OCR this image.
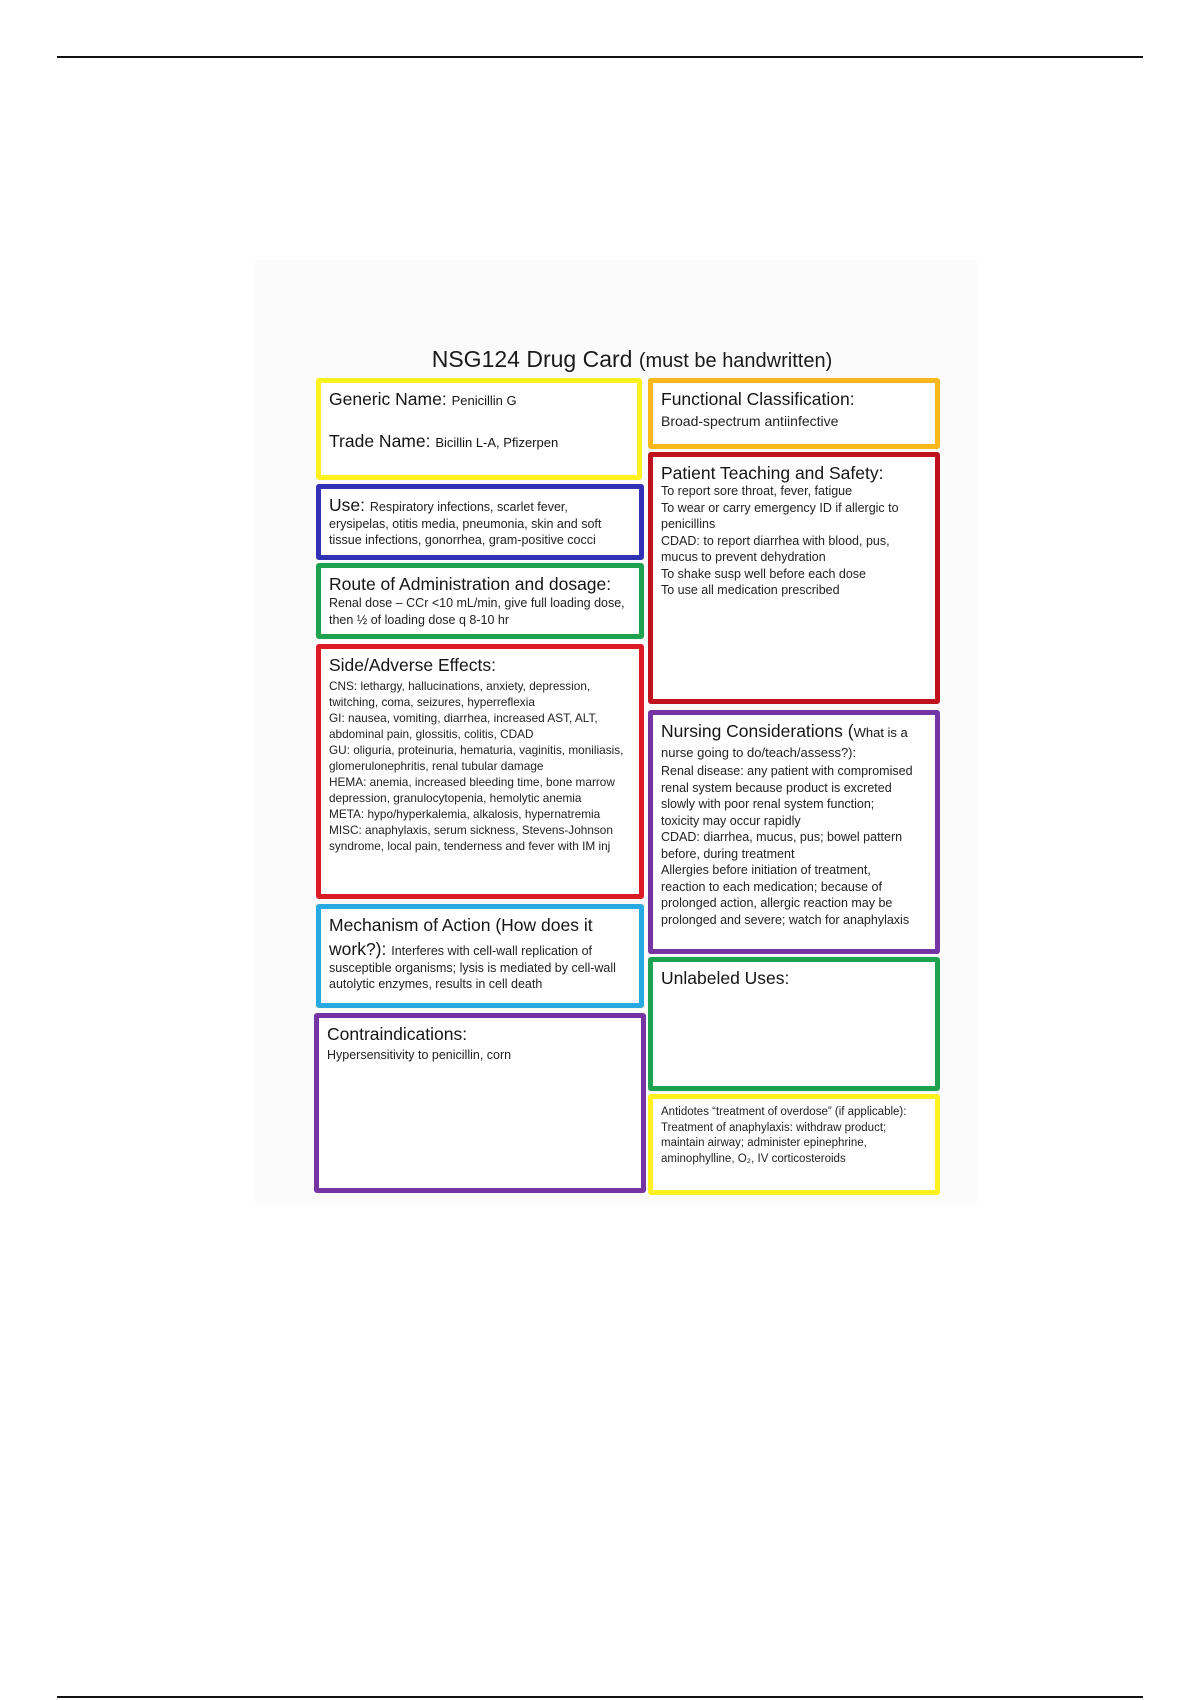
NSG124 Drug Card (must be handwritten)
Generic Name: Penicillin G
Trade Name: Bicillin L-A, Pfizerpen
Functional Classification:
Broad-spectrum antiinfective
Use: Respiratory infections, scarlet fever,
erysipelas, otitis media, pneumonia, skin and soft
tissue infections, gonorrhea, gram-positive cocci
Route of Administration and dosage:
Renal dose – CCr <10 mL/min, give full loading dose,
then ½ of loading dose q 8-10 hr
Side/Adverse Effects:
CNS: lethargy, hallucinations, anxiety, depression,
twitching, coma, seizures, hyperreflexia
GI: nausea, vomiting, diarrhea, increased AST, ALT,
abdominal pain, glossitis, colitis, CDAD
GU: oliguria, proteinuria, hematuria, vaginitis, moniliasis,
glomerulonephritis, renal tubular damage
HEMA: anemia, increased bleeding time, bone marrow
depression, granulocytopenia, hemolytic anemia
META: hypo/hyperkalemia, alkalosis, hypernatremia
MISC: anaphylaxis, serum sickness, Stevens-Johnson
syndrome, local pain, tenderness and fever with IM inj
Mechanism of Action (How does it
work?): Interferes with cell-wall replication of
susceptible organisms; lysis is mediated by cell-wall
autolytic enzymes, results in cell death
Contraindications:
Hypersensitivity to penicillin, corn
Patient Teaching and Safety:
To report sore throat, fever, fatigue
To wear or carry emergency ID if allergic to
penicillins
CDAD: to report diarrhea with blood, pus,
mucus to prevent dehydration
To shake susp well before each dose
To use all medication prescribed
Nursing Considerations (What is a
nurse going to do/teach/assess?):
Renal disease: any patient with compromised
renal system because product is excreted
slowly with poor renal system function;
toxicity may occur rapidly
CDAD: diarrhea, mucus, pus; bowel pattern
before, during treatment
Allergies before initiation of treatment,
reaction to each medication; because of
prolonged action, allergic reaction may be
prolonged and severe; watch for anaphylaxis
Unlabeled Uses:
Antidotes “treatment of overdose” (if applicable):
Treatment of anaphylaxis: withdraw product;
maintain airway; administer epinephrine,
aminophylline, O₂, IV corticosteroids
